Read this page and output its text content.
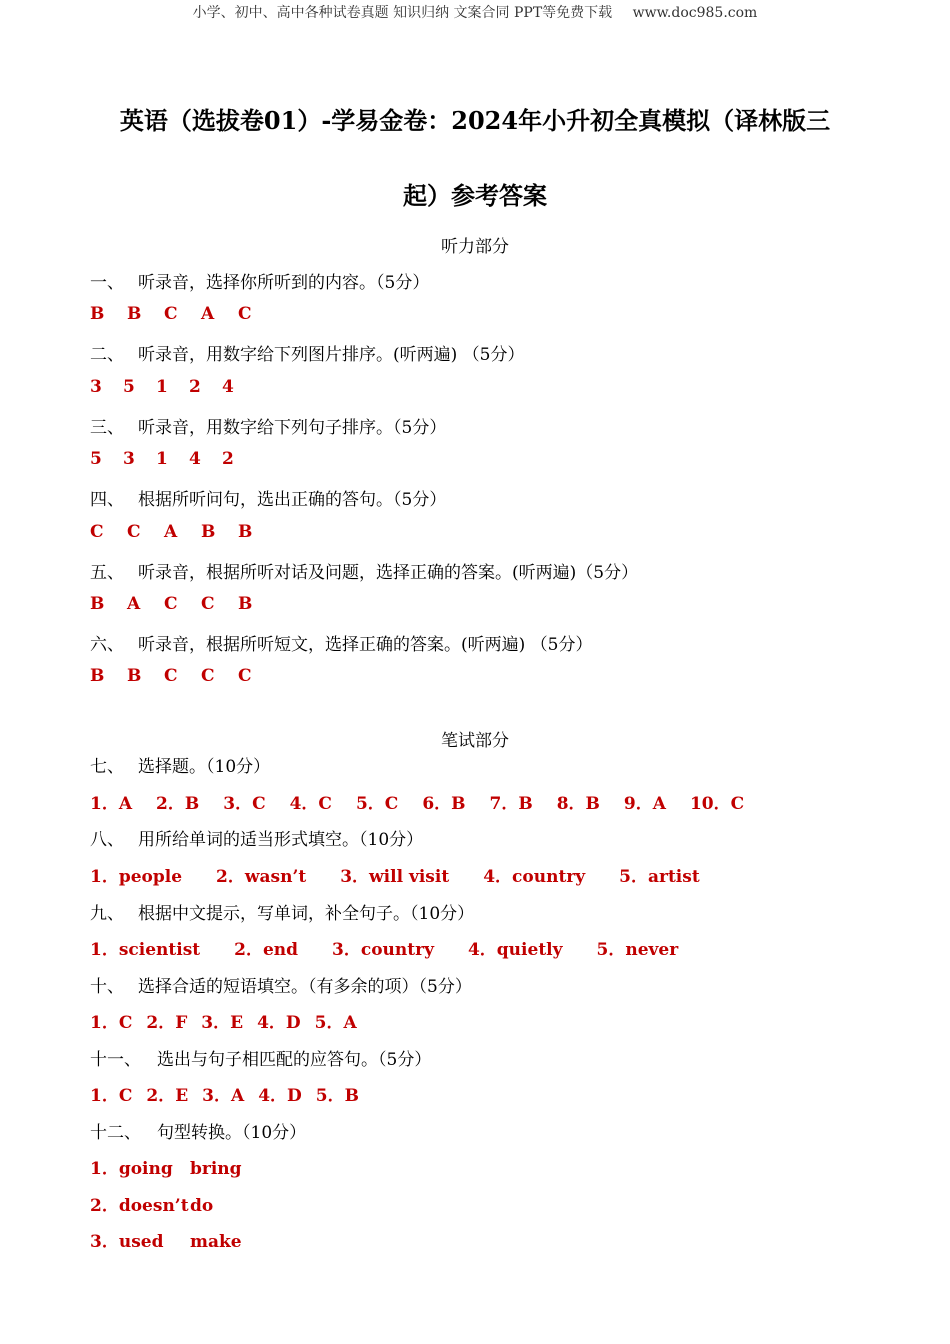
小学、初中、高中各种试卷真题 知识归纳 文案合同 PPT等免费下载 www.doc985.com
英语（选拔卷01）-学易金卷：2024年小升初全真模拟（译林版三
起）参考答案
听力部分
一、 听录音，选择你所听到的内容。（5分）
B B C A C
二、 听录音，用数字给下列图片排序。(听两遍) （5分）
3 5 1 2 4
三、 听录音，用数字给下列句子排序。（5分）
5 3 1 4 2
四、 根据所听问句，选出正确的答句。（5分）
C C A B B
五、 听录音，根据所听对话及问题，选择正确的答案。(听两遍)（5分）
B A C C B
六、 听录音，根据所听短文，选择正确的答案。(听两遍) （5分）
B B C C C
笔试部分
七、 选择题。（10分）
1．A 2．B 3．C 4．C 5．C 6．B 7．B 8．B 9．A 10．C
八、 用所给单词的适当形式填空。（10分）
1．people 2．wasn’t 3．will visit 4．country 5．artist
九、 根据中文提示，写单词，补全句子。（10分）
1．scientist 2．end 3．country 4．quietly 5．never
十、 选择合适的短语填空。（有多余的项）（5分）
1．C 2．F 3．E 4．D 5．A
十一、 选出与句子相匹配的应答句。（5分）
1．C 2．E 3．A 4．D 5．B
十二、 句型转换。（10分）
1．going bring
2．doesn’tdo
3．used make
